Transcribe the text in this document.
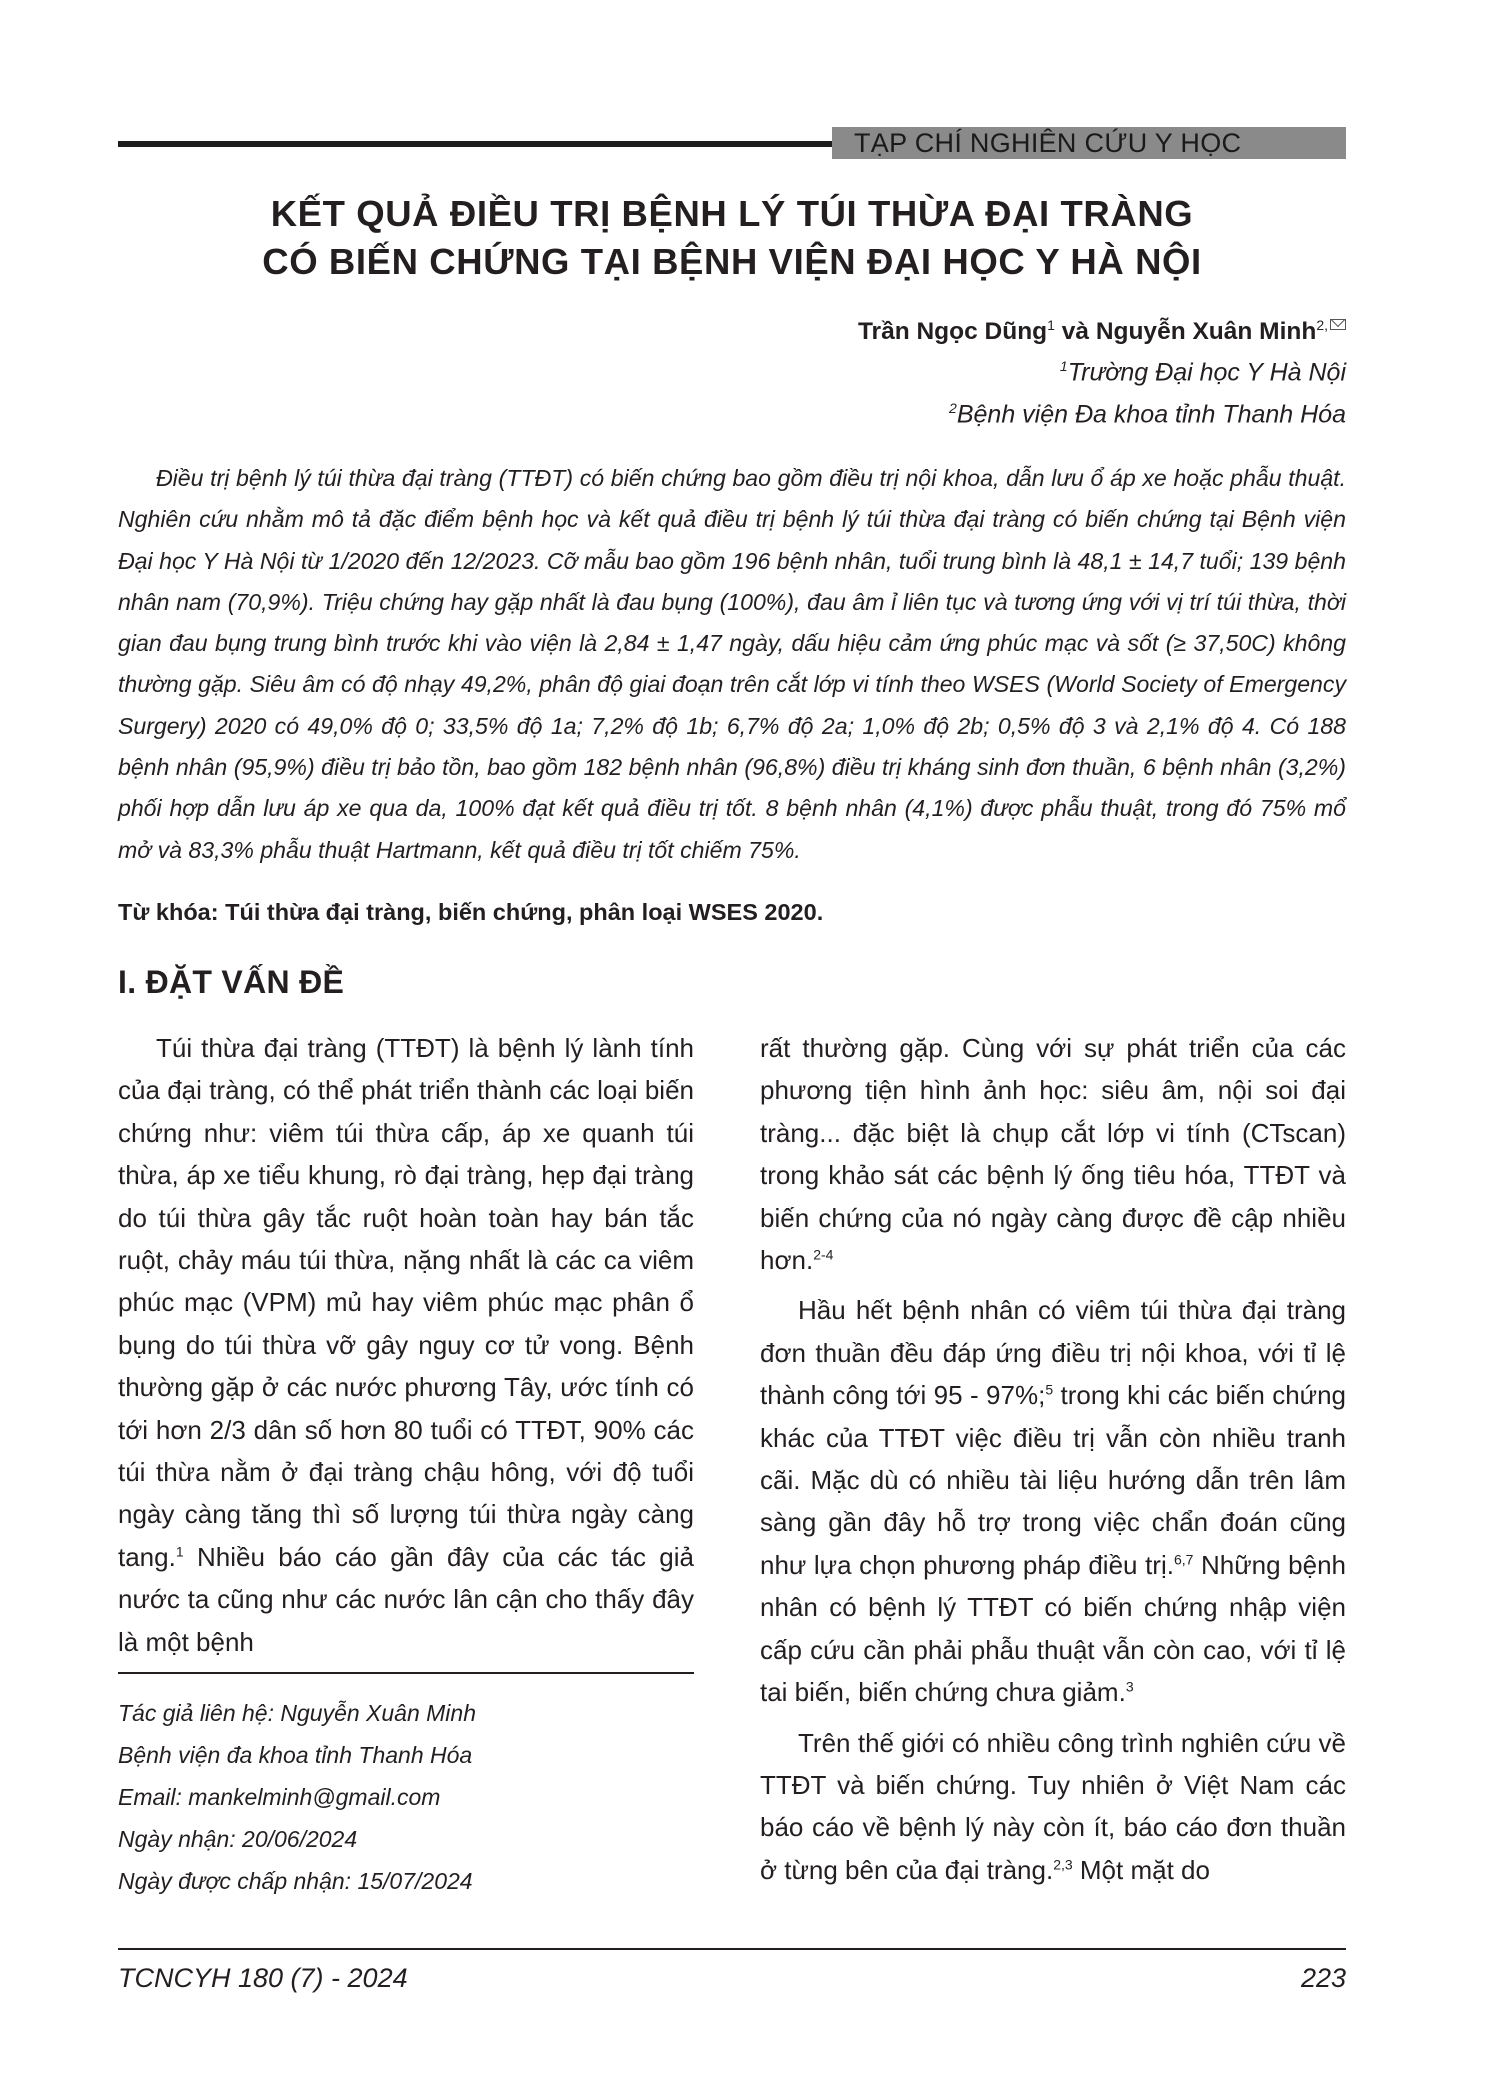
TẠP CHÍ NGHIÊN CỨU Y HỌC
KẾT QUẢ ĐIỀU TRỊ BỆNH LÝ TÚI THỪA ĐẠI TRÀNG
CÓ BIẾN CHỨNG TẠI BỆNH VIỆN ĐẠI HỌC Y HÀ NỘI
Trần Ngọc Dũng$^1$ và Nguyễn Xuân Minh$^{2,}$
$^1$Trường Đại học Y Hà Nội
$^2$Bệnh viện Đa khoa tỉnh Thanh Hóa
Điều trị bệnh lý túi thừa đại tràng (TTĐT) có biến chứng bao gồm điều trị nội khoa, dẫn lưu ổ áp xe hoặc phẫu thuật. Nghiên cứu nhằm mô tả đặc điểm bệnh học và kết quả điều trị bệnh lý túi thừa đại tràng có biến chứng tại Bệnh viện Đại học Y Hà Nội từ 1/2020 đến 12/2023. Cỡ mẫu bao gồm 196 bệnh nhân, tuổi trung bình là 48,1 ± 14,7 tuổi; 139 bệnh nhân nam (70,9%). Triệu chứng hay gặp nhất là đau bụng (100%), đau âm ỉ liên tục và tương ứng với vị trí túi thừa, thời gian đau bụng trung bình trước khi vào viện là 2,84 ± 1,47 ngày, dấu hiệu cảm ứng phúc mạc và sốt (≥ 37,50C) không thường gặp. Siêu âm có độ nhạy 49,2%, phân độ giai đoạn trên cắt lớp vi tính theo WSES (World Society of Emergency Surgery) 2020 có 49,0% độ 0; 33,5% độ 1a; 7,2% độ 1b; 6,7% độ 2a; 1,0% độ 2b; 0,5% độ 3 và 2,1% độ 4. Có 188 bệnh nhân (95,9%) điều trị bảo tồn, bao gồm 182 bệnh nhân (96,8%) điều trị kháng sinh đơn thuần, 6 bệnh nhân (3,2%) phối hợp dẫn lưu áp xe qua da, 100% đạt kết quả điều trị tốt. 8 bệnh nhân (4,1%) được phẫu thuật, trong đó 75% mổ mở và 83,3% phẫu thuật Hartmann, kết quả điều trị tốt chiếm 75%.
Từ khóa: Túi thừa đại tràng, biến chứng, phân loại WSES 2020.
I. ĐẶT VẤN ĐỀ

Túi thừa đại tràng (TTĐT) là bệnh lý lành tính của đại tràng, có thể phát triển thành các loại biến chứng như: viêm túi thừa cấp, áp xe quanh túi thừa, áp xe tiểu khung, rò đại tràng, hẹp đại tràng do túi thừa gây tắc ruột hoàn toàn hay bán tắc ruột, chảy máu túi thừa, nặng nhất là các ca viêm phúc mạc (VPM) mủ hay viêm phúc mạc phân ổ bụng do túi thừa vỡ gây nguy cơ tử vong. Bệnh thường gặp ở các nước phương Tây, ước tính có tới hơn 2/3 dân số hơn 80 tuổi có TTĐT, 90% các túi thừa nằm ở đại tràng chậu hông, với độ tuổi ngày càng tăng thì số lượng túi thừa ngày càng tang.$^1$ Nhiều báo cáo gần đây của các tác giả nước ta cũng như các nước lân cận cho thấy đây là một bệnh

Tác giả liên hệ: Nguyễn Xuân Minh
Bệnh viện đa khoa tỉnh Thanh Hóa
Email: mankelminh@gmail.com
Ngày nhận: 20/06/2024
Ngày được chấp nhận: 15/07/2024

rất thường gặp. Cùng với sự phát triển của các phương tiện hình ảnh học: siêu âm, nội soi đại tràng... đặc biệt là chụp cắt lớp vi tính (CTscan) trong khảo sát các bệnh lý ống tiêu hóa, TTĐT và biến chứng của nó ngày càng được đề cập nhiều hơn.$^{2-4}$

Hầu hết bệnh nhân có viêm túi thừa đại tràng đơn thuần đều đáp ứng điều trị nội khoa, với tỉ lệ thành công tới 95 - 97%;$^5$ trong khi các biến chứng khác của TTĐT việc điều trị vẫn còn nhiều tranh cãi. Mặc dù có nhiều tài liệu hướng dẫn trên lâm sàng gần đây hỗ trợ trong việc chẩn đoán cũng như lựa chọn phương pháp điều trị.$^{6,7}$ Những bệnh nhân có bệnh lý TTĐT có biến chứng nhập viện cấp cứu cần phải phẫu thuật vẫn còn cao, với tỉ lệ tai biến, biến chứng chưa giảm.$^3$

Trên thế giới có nhiều công trình nghiên cứu về TTĐT và biến chứng. Tuy nhiên ở Việt Nam các báo cáo về bệnh lý này còn ít, báo cáo đơn thuần ở từng bên của đại tràng.$^{2,3}$ Một mặt do

TCNCYH 180 (7) - 2024	223
